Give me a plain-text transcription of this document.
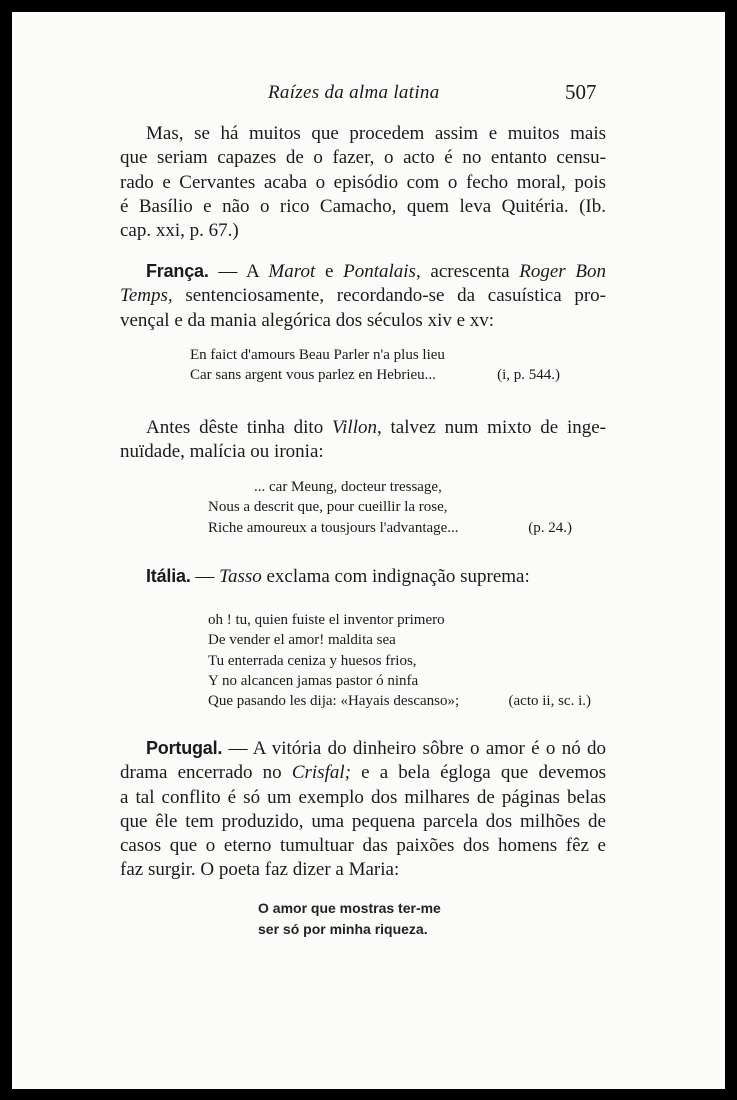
Raízes da alma latina	507
Mas, se há muitos que procedem assim e muitos mais
que seriam capazes de o fazer, o acto é no entanto censu-
rado e Cervantes acaba o episódio com o fecho moral, pois
é Basílio e não o rico Camacho, quem leva Quitéria. (Ib.
cap. xxi, p. 67.)
França. — A Marot e Pontalais, acrescenta Roger Bon
Temps, sentenciosamente, recordando-se da casuística pro-
vençal e da mania alegórica dos séculos xiv e xv:
En faict d'amours Beau Parler n'a plus lieu
Car sans argent vous parlez en Hebrieu...	(i, p. 544.)
Antes dêste tinha dito Villon, talvez num mixto de inge-
nuïdade, malícia ou ironia:
... car Meung, docteur tressage,
Nous a descrit que, pour cueillir la rose,
Riche amoureux a tousjours l'advantage...	(p. 24.)
Itália. — Tasso exclama com indignação suprema:
oh ! tu, quien fuiste el inventor primero
De vender el amor! maldita sea
Tu enterrada ceniza y huesos frios,
Y no alcancen jamas pastor ó ninfa
Que pasando les dija: «Hayais descanso»;	(acto ii, sc. i.)
Portugal. — A vitória do dinheiro sôbre o amor é o nó do
drama encerrado no Crisfal; e a bela égloga que devemos
a tal conflito é só um exemplo dos milhares de páginas belas
que êle tem produzido, uma pequena parcela dos milhões de
casos que o eterno tumultuar das paixões dos homens fêz e
faz surgir. O poeta faz dizer a Maria:
O amor que mostras ter-me
ser só por minha riqueza.
